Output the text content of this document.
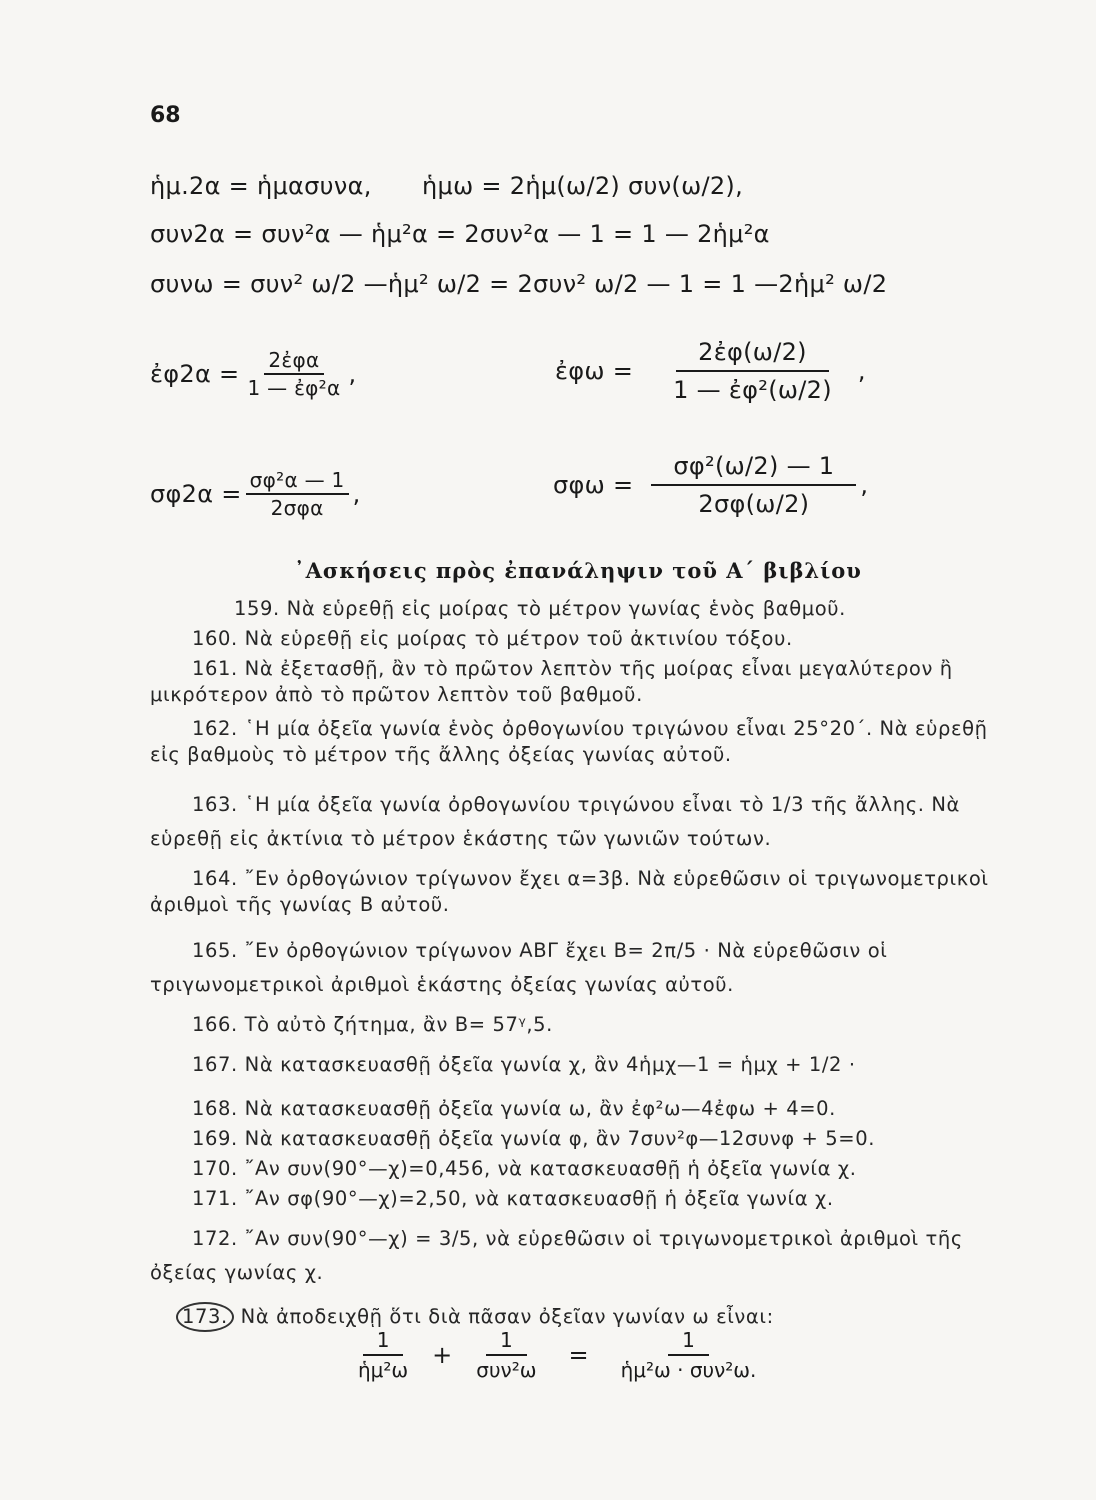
68
ἡμ.2α = ἡμασυνα, ἡμω = 2ἡμ(ω/2) συν(ω/2),
συν2α = συν²α — ἡμ²α = 2συν²α — 1 = 1 — 2ἡμ²α
συνω = συν² ω/2 —ἡμ² ω/2 = 2συν² ω/2 — 1 = 1 —2ἡμ² ω/2
ἐφ2α = $\frac{\text{2ἐφα}}{\text{1 — ἐφ²α}}$ ,	ἐφω = $\frac{\text{2ἐφ(ω/2)}}{\text{1 — ἐφ²(ω/2)}}$ ,
$\sigma\varphi 2\alpha = \frac{\text{σφ²α — 1}}{\text{2σφα}}$ ,	$\sigma\varphi\omega = \frac{\text{σφ²(ω/2) — 1}}{2\sigma\varphi(\omega/2)}$ ,
᾿Ασκήσεις πρὸς ἐπανάληψιν τοῦ Α΄ βιβλίου
159. Νὰ εὑρεθῇ εἰς μοίρας τὸ μέτρον γωνίας ἑνὸς βαθμοῦ.
160. Νὰ εὑρεθῇ εἰς μοίρας τὸ μέτρον τοῦ ἀκτινίου τόξου.
161. Νὰ ἐξετασθῇ, ἂν τὸ πρῶτον λεπτὸν τῆς μοίρας εἶναι μεγαλύτερον ἢ μικρότερον ἀπὸ τὸ πρῶτον λεπτὸν τοῦ βαθμοῦ.
162. ῾Η μία ὀξεῖα γωνία ἑνὸς ὀρθογωνίου τριγώνου εἶναι 25°20΄. Νὰ εὑρεθῇ εἰς βαθμοὺς τὸ μέτρον τῆς ἄλλης ὀξείας γωνίας αὐτοῦ.
163. ῾Η μία ὀξεῖα γωνία ὀρθογωνίου τριγώνου εἶναι τὸ 1/3 τῆς ἄλλης. Νὰ εὑρεθῇ εἰς ἀκτίνια τὸ μέτρον ἑκάστης τῶν γωνιῶν τούτων.
164. ῎Εν ὀρθογώνιον τρίγωνον ἔχει α=3β. Νὰ εὑρεθῶσιν οἱ τριγωνομετρικοὶ ἀριθμοὶ τῆς γωνίας Β αὐτοῦ.
165. ῎Εν ὀρθογώνιον τρίγωνον ΑΒΓ ἔχει Β= 2π/5 · Νὰ εὑρεθῶσιν οἱ τριγωνομετρικοὶ ἀριθμοὶ ἑκάστης ὀξείας γωνίας αὐτοῦ.
166. Τὸ αὐτὸ ζήτημα, ἂν Β= 57ᵞ,5.
167. Νὰ κατασκευασθῇ ὀξεῖα γωνία χ, ἂν 4ἡμχ—1 = ἡμχ + 1/2 ·
168. Νὰ κατασκευασθῇ ὀξεῖα γωνία ω, ἂν ἐφ²ω—4ἐφω + 4=0.
169. Νὰ κατασκευασθῇ ὀξεῖα γωνία φ, ἂν 7συν²φ—12συνφ + 5=0.
170. ῎Αν συν(90°—χ)=0,456, νὰ κατασκευασθῇ ἡ ὀξεῖα γωνία χ.
171. ῎Αν σφ(90°—χ)=2,50, νὰ κατασκευασθῇ ἡ ὀξεῖα γωνία χ.
172. ῎Αν συν(90°—χ) = 3/5, νὰ εὑρεθῶσιν οἱ τριγωνομετρικοὶ ἀριθμοὶ τῆς ὀξείας γωνίας χ.
173. Νὰ ἀποδειχθῇ ὅτι διὰ πᾶσαν ὀξεῖαν γωνίαν ω εἶναι:
$\frac{1}{\text{ἡμ²ω}} + \frac{1}{\text{συν²ω}} = \frac{1}{\text{ἡμ²ω · συν²ω.}}$
